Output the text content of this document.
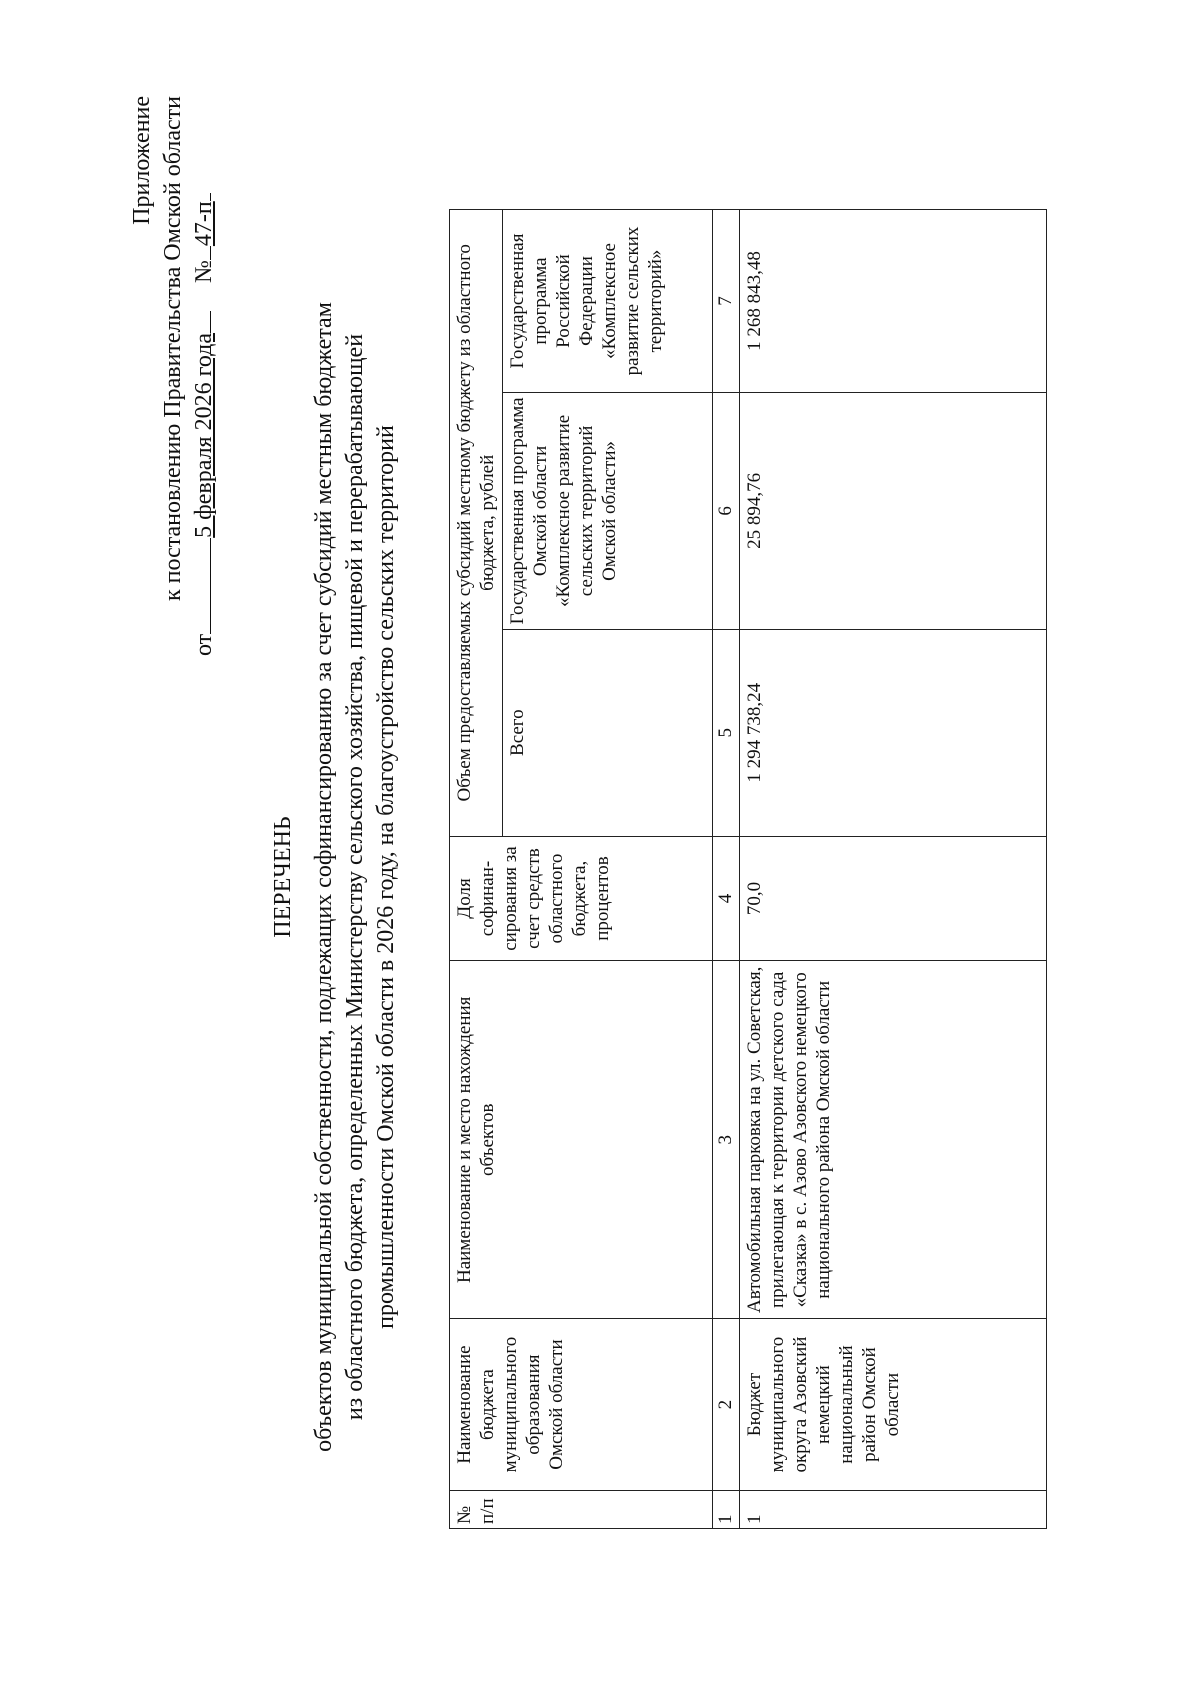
Приложение к постановлению Правительства Омской области
от5 февраля 2026 года №47-п
ПЕРЕЧЕНЬ объектов муниципальной собственности, подлежащих софинансированию за счет субсидий местным бюджетам из областного бюджета, определенных Министерству сельского хозяйства, пищевой и перерабатывающей промышленности Омской области в 2026 году, на благоустройство сельских территорий
№ п/п	Наименование бюджета муниципального образования Омской области	Наименование и место нахождения объектов	Доля софинан-сирования за счет средств областного бюджета, процентов	Объем предоставляемых субсидий местному бюджету из областного бюджета, рублей		
				Всего	Государственная программа Омской области «Комплексное развитие сельских территорий Омской области»	Государственная программа Российской Федерации «Комплексное развитие сельских территорий»
1	2	3	4	5	6	7
1	Бюджет муниципального округа Азовский немецкий национальный район Омской области	Автомобильная парковка на ул. Советская, прилегающая к территории детского сада «Сказка» в с. Азово Азовского немецкого национального района Омской области	70,0	1 294 738,24	25 894,76	1 268 843,48
